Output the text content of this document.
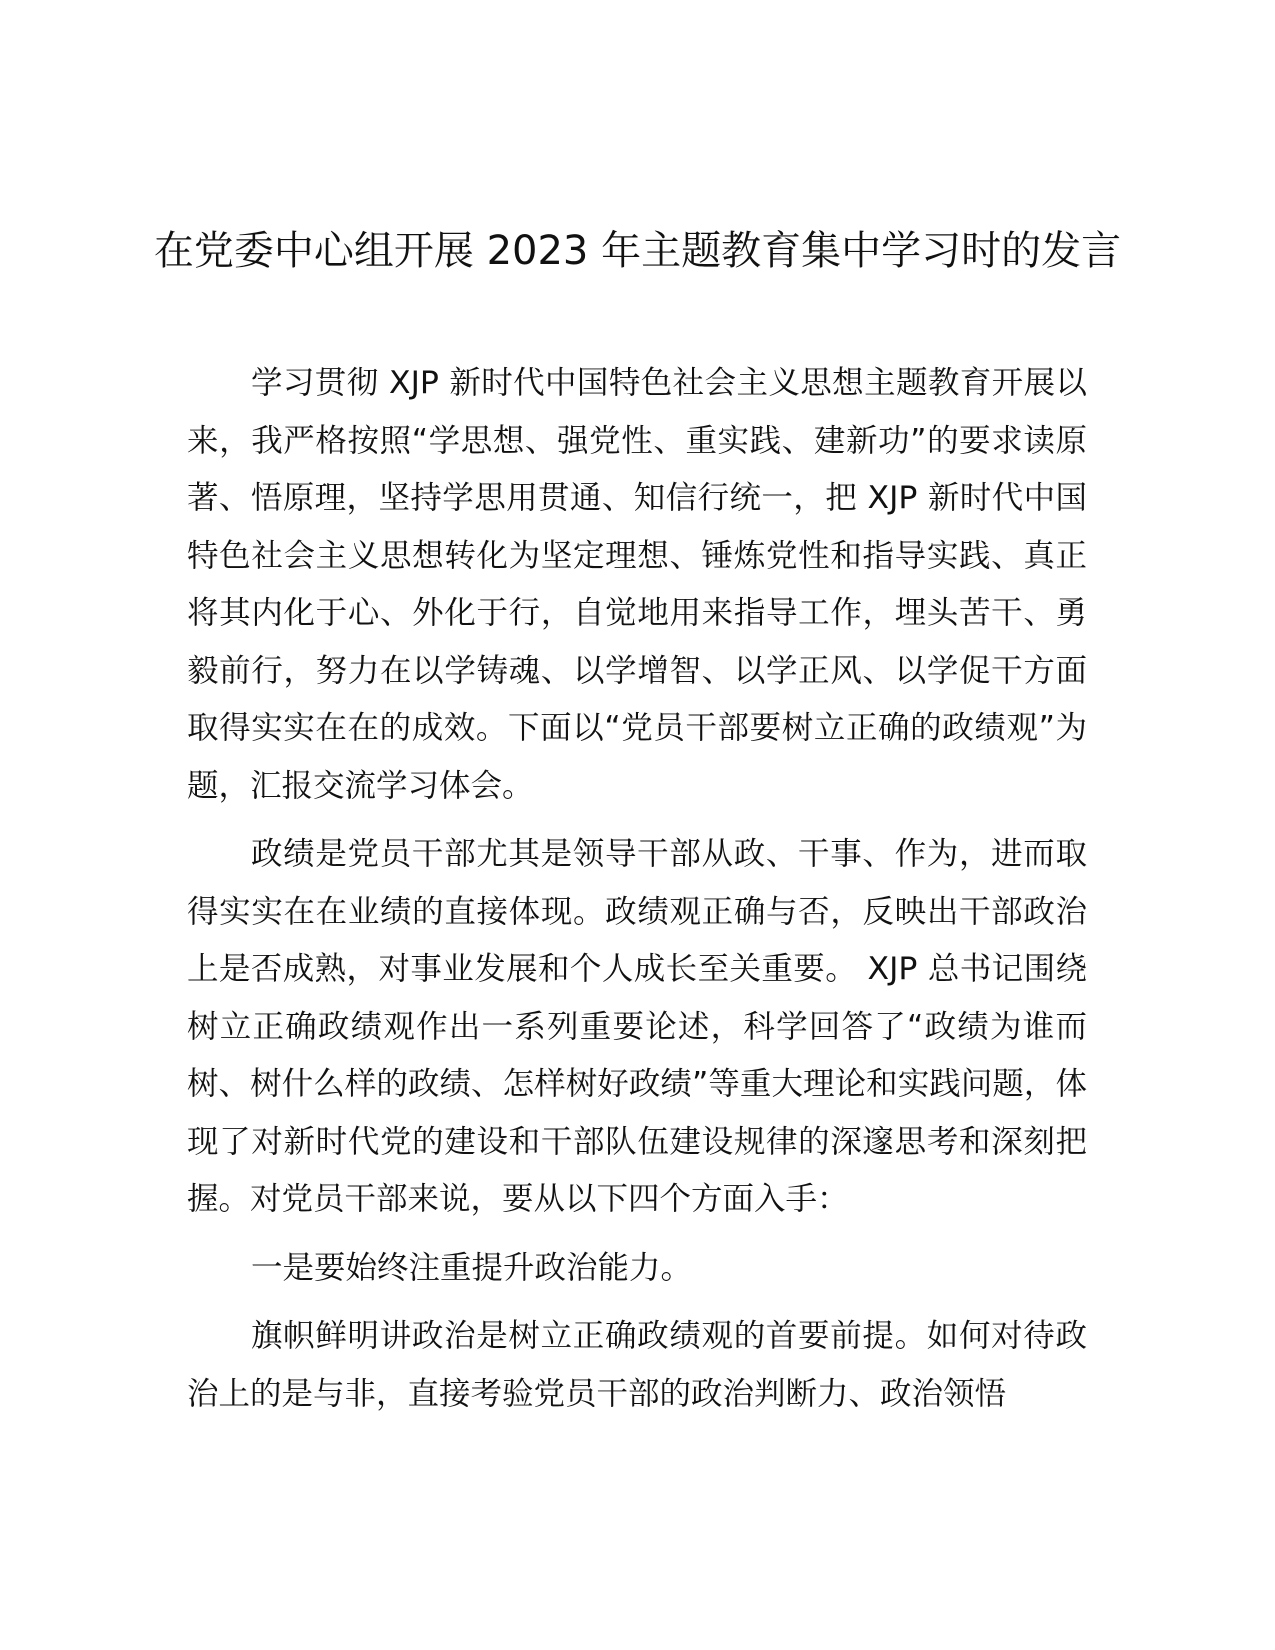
在党委中心组开展 2023 年主题教育集中学习时的发言

学习贯彻 XJP 新时代中国特色社会主义思想主题教育开展以来，我严格按照“学思想、强党性、重实践、建新功”的要求读原著、悟原理，坚持学思用贯通、知信行统一，把 XJP 新时代中国特色社会主义思想转化为坚定理想、锤炼党性和指导实践、真正将其内化于心、外化于行，自觉地用来指导工作，埋头苦干、勇毅前行，努力在以学铸魂、以学增智、以学正风、以学促干方面取得实实在在的成效。下面以“党员干部要树立正确的政绩观”为题，汇报交流学习体会。

政绩是党员干部尤其是领导干部从政、干事、作为，进而取得实实在在业绩的直接体现。政绩观正确与否，反映出干部政治上是否成熟，对事业发展和个人成长至关重要。 XJP 总书记围绕树立正确政绩观作出一系列重要论述，科学回答了“政绩为谁而树、树什么样的政绩、怎样树好政绩”等重大理论和实践问题，体现了对新时代党的建设和干部队伍建设规律的深邃思考和深刻把握。对党员干部来说，要从以下四个方面入手：

一是要始终注重提升政治能力。

旗帜鲜明讲政治是树立正确政绩观的首要前提。如何对待政治上的是与非，直接考验党员干部的政治判断力、政治领悟
